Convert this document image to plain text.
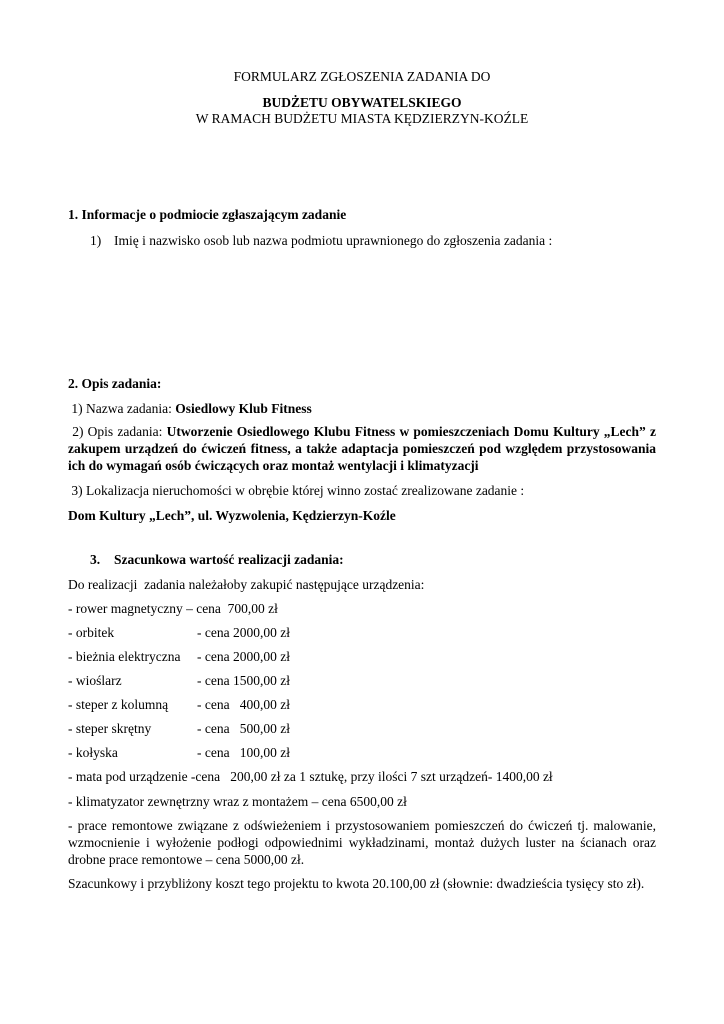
FORMULARZ ZGŁOSZENIA ZADANIA DO
BUDŻETU OBYWATELSKIEGO
W RAMACH BUDŻETU MIASTA KĘDZIERZYN-KOŹLE
1. Informacje o podmiocie zgłaszającym zadanie
1) Imię i nazwisko osob lub nazwa podmiotu uprawnionego do zgłoszenia zadania :
2. Opis zadania:
1) Nazwa zadania: Osiedlowy Klub Fitness
2) Opis zadania: Utworzenie Osiedlowego Klubu Fitness w pomieszczeniach Domu Kultury „Lech” z zakupem urządzeń do ćwiczeń fitness, a także adaptacja pomieszczeń pod względem przystosowania ich do wymagań osób ćwiczących oraz montaż wentylacji i klimatyzacji
3) Lokalizacja nieruchomości w obrębie której winno zostać zrealizowane zadanie :
Dom Kultury „Lech”, ul. Wyzwolenia, Kędzierzyn-Koźle
3. Szacunkowa wartość realizacji zadania:
Do realizacji  zadania należałoby zakupić następujące urządzenia:
- rower magnetyczny – cena  700,00 zł
- orbitek	- cena 2000,00 zł
- bieżnia elektryczna - cena 2000,00 zł
- wioślarz	- cena 1500,00 zł
- steper z kolumną - cena   400,00 zł
- steper skrętny	- cena   500,00 zł
- kołyska	- cena   100,00 zł
- mata pod urządzenie -cena   200,00 zł za 1 sztukę, przy ilości 7 szt urządzeń- 1400,00 zł
- klimatyzator zewnętrzny wraz z montażem – cena 6500,00 zł
- prace remontowe związane z odświeżeniem i przystosowaniem pomieszczeń do ćwiczeń tj. malowanie, wzmocnienie i wyłożenie podłogi odpowiednimi wykładzinami, montaż dużych luster na ścianach oraz drobne prace remontowe – cena 5000,00 zł.
Szacunkowy i przybliżony koszt tego projektu to kwota 20.100,00 zł (słownie: dwadzieścia tysięcy sto zł).
